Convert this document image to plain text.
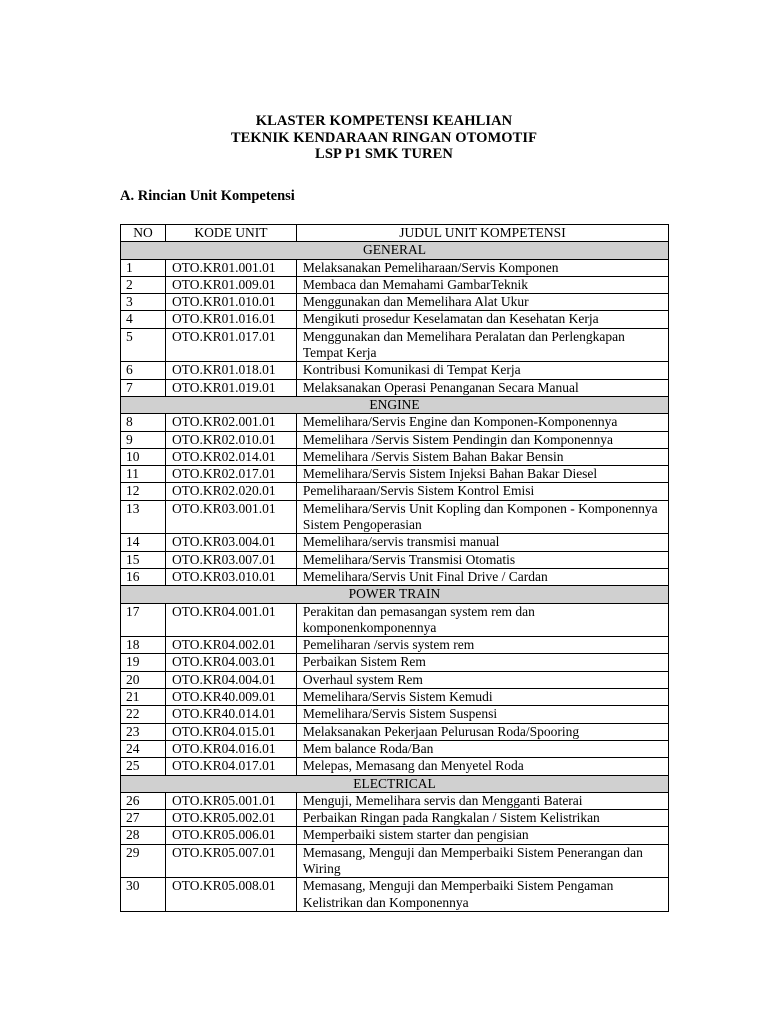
KLASTER KOMPETENSI KEAHLIAN
TEKNIK KENDARAAN RINGAN OTOMOTIF
LSP P1 SMK TUREN
A. Rincian Unit Kompetensi
NO	KODE UNIT	JUDUL UNIT KOMPETENSI
GENERAL		
1	OTO.KR01.001.01	Melaksanakan Pemeliharaan/Servis Komponen
2	OTO.KR01.009.01	Membaca dan Memahami GambarTeknik
3	OTO.KR01.010.01	Menggunakan dan Memelihara Alat Ukur
4	OTO.KR01.016.01	Mengikuti prosedur Keselamatan dan Kesehatan Kerja
5	OTO.KR01.017.01	Menggunakan dan Memelihara Peralatan dan Perlengkapan Tempat Kerja
6	OTO.KR01.018.01	Kontribusi Komunikasi di Tempat Kerja
7	OTO.KR01.019.01	Melaksanakan Operasi Penanganan Secara Manual
ENGINE		
8	OTO.KR02.001.01	Memelihara/Servis Engine dan Komponen-Komponennya
9	OTO.KR02.010.01	Memelihara /Servis Sistem Pendingin dan Komponennya
10	OTO.KR02.014.01	Memelihara /Servis Sistem Bahan Bakar Bensin
11	OTO.KR02.017.01	Memelihara/Servis Sistem Injeksi Bahan Bakar Diesel
12	OTO.KR02.020.01	Pemeliharaan/Servis Sistem Kontrol Emisi
13	OTO.KR03.001.01	Memelihara/Servis Unit Kopling dan Komponen - Komponennya Sistem Pengoperasian
14	OTO.KR03.004.01	Memelihara/servis transmisi manual
15	OTO.KR03.007.01	Memelihara/Servis Transmisi Otomatis
16	OTO.KR03.010.01	Memelihara/Servis Unit Final Drive / Cardan
POWER TRAIN		
17	OTO.KR04.001.01	Perakitan dan pemasangan system rem dan komponenkomponennya
18	OTO.KR04.002.01	Pemeliharan /servis system rem
19	OTO.KR04.003.01	Perbaikan Sistem Rem
20	OTO.KR04.004.01	Overhaul system Rem
21	OTO.KR40.009.01	Memelihara/Servis Sistem Kemudi
22	OTO.KR40.014.01	Memelihara/Servis Sistem Suspensi
23	OTO.KR04.015.01	Melaksanakan Pekerjaan Pelurusan Roda/Spooring
24	OTO.KR04.016.01	Mem balance Roda/Ban
25	OTO.KR04.017.01	Melepas, Memasang dan Menyetel Roda
ELECTRICAL		
26	OTO.KR05.001.01	Menguji, Memelihara servis dan Mengganti Baterai
27	OTO.KR05.002.01	Perbaikan Ringan pada Rangkalan / Sistem Kelistrikan
28	OTO.KR05.006.01	Memperbaiki sistem starter dan pengisian
29	OTO.KR05.007.01	Memasang, Menguji dan Memperbaiki Sistem Penerangan dan Wiring
30	OTO.KR05.008.01	Memasang, Menguji dan Memperbaiki Sistem Pengaman Kelistrikan dan Komponennya
